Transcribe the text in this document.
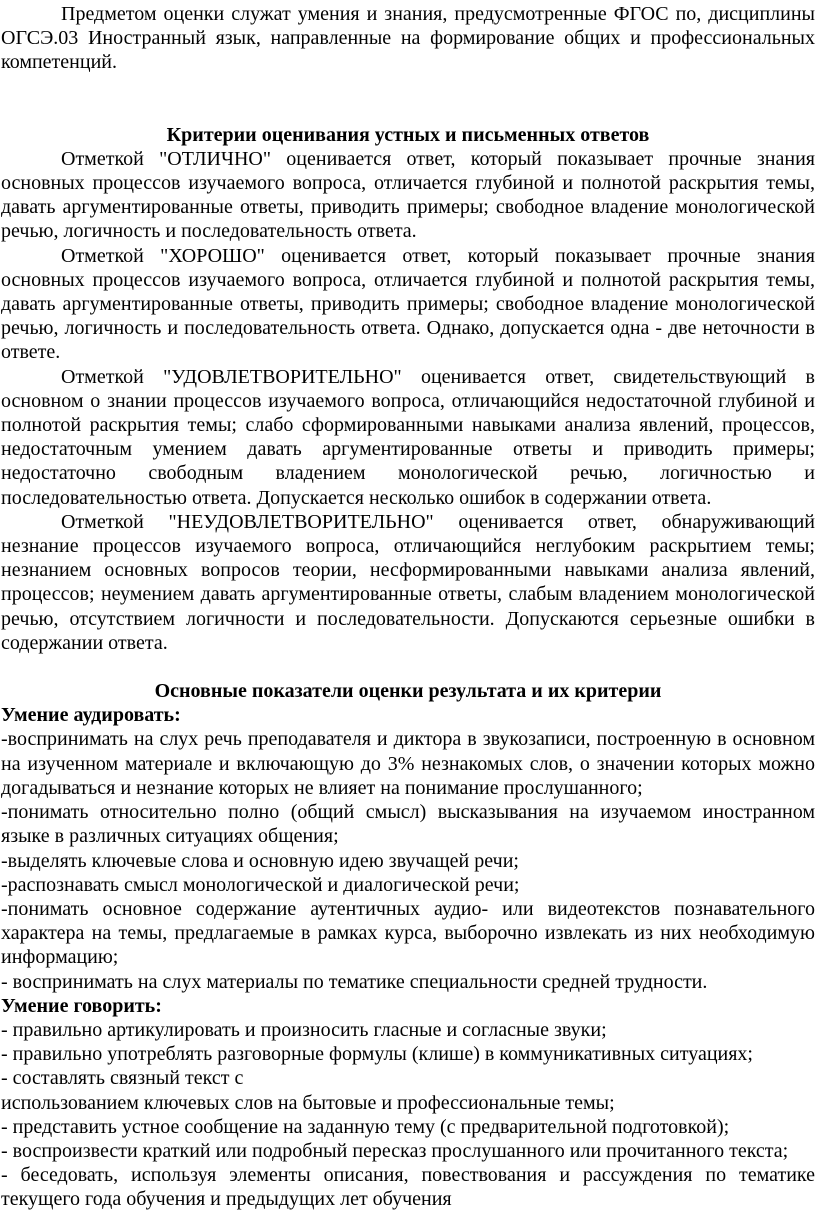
Предметом оценки служат умения и знания, предусмотренные ФГОС по, дисциплины ОГСЭ.03 Иностранный язык, направленные на формирование общих и профессиональных компетенций.

Критерии оценивания устных и письменных ответов

Отметкой "ОТЛИЧНО" оценивается ответ, который показывает прочные знания основных процессов изучаемого вопроса, отличается глубиной и полнотой раскрытия темы, давать аргументированные ответы, приводить примеры; свободное владение монологической речью, логичность и последовательность ответа.

Отметкой "ХОРОШО" оценивается ответ, который показывает прочные знания основных процессов изучаемого вопроса, отличается глубиной и полнотой раскрытия темы, давать аргументированные ответы, приводить примеры; свободное владение монологической речью, логичность и последовательность ответа. Однако, допускается одна - две неточности в ответе.

Отметкой "УДОВЛЕТВОРИТЕЛЬНО" оценивается ответ, свидетельствующий в основном о знании процессов изучаемого вопроса, отличающийся недостаточной глубиной и полнотой раскрытия темы; слабо сформированными навыками анализа явлений, процессов, недостаточным умением давать аргументированные ответы и приводить примеры; недостаточно свободным владением монологической речью, логичностью и последовательностью ответа. Допускается несколько ошибок в содержании ответа.

Отметкой "НЕУДОВЛЕТВОРИТЕЛЬНО" оценивается ответ, обнаруживающий незнание процессов изучаемого вопроса, отличающийся неглубоким раскрытием темы; незнанием основных вопросов теории, несформированными навыками анализа явлений, процессов; неумением давать аргументированные ответы, слабым владением монологической речью, отсутствием логичности и последовательности. Допускаются серьезные ошибки в содержании ответа.

Основные показатели оценки результата и их критерии

Умение аудировать:

-воспринимать на слух речь преподавателя и диктора в звукозаписи, построенную в основном на изученном материале и включающую до 3% незнакомых слов, о значении которых можно догадываться и незнание которых не влияет на понимание прослушанного;

-понимать относительно полно (общий смысл) высказывания на изучаемом иностранном языке в различных ситуациях общения;

-выделять ключевые слова и основную идею звучащей речи;

-распознавать смысл монологической и диалогической речи;

-понимать основное содержание аутентичных аудио- или видеотекстов познавательного характера на темы, предлагаемые в рамках курса, выборочно извлекать из них необходимую информацию;

- воспринимать на слух материалы по тематике специальности средней трудности.

Умение говорить:

- правильно артикулировать и произносить гласные и согласные звуки;

- правильно употреблять разговорные формулы (клише) в коммуникативных ситуациях;

- составлять связный текст с

использованием ключевых слов на бытовые и профессиональные темы;

- представить устное сообщение на заданную тему (с предварительной подготовкой);

- воспроизвести краткий или подробный пересказ прослушанного или прочитанного текста;

- беседовать, используя элементы описания, повествования и рассуждения по тематике текущего года обучения и предыдущих лет обучения
